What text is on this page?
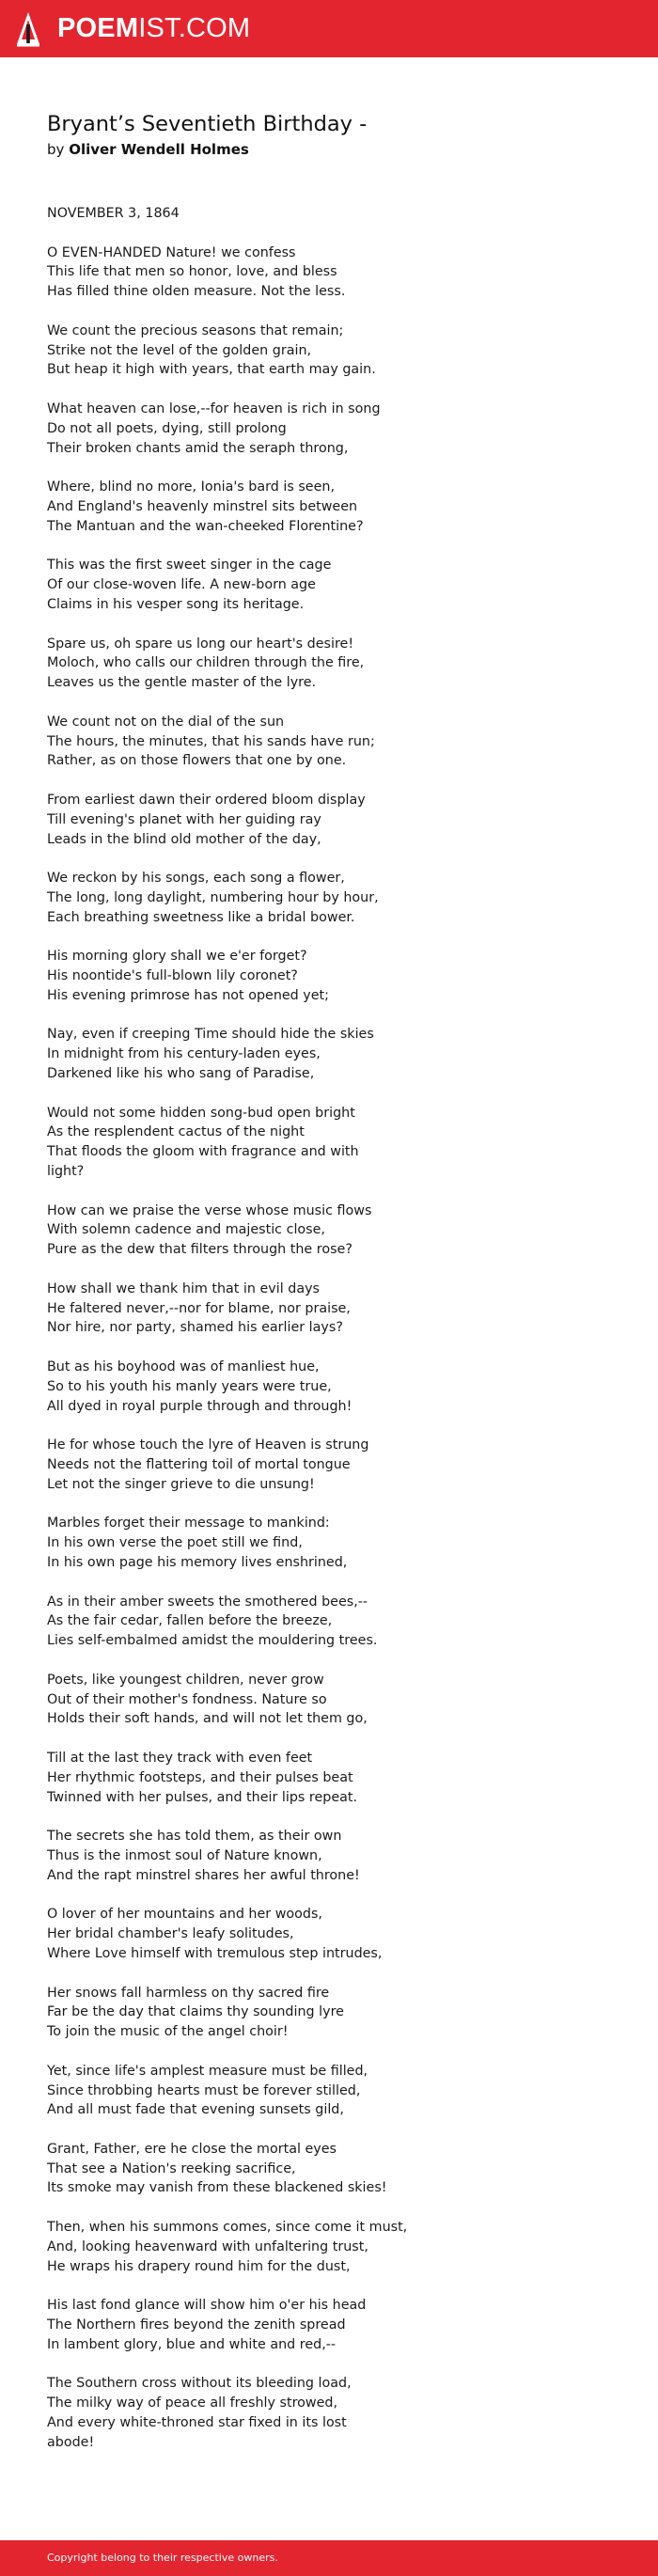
POEMIST.COM
Bryant’s Seventieth Birthday -
by Oliver Wendell Holmes
NOVEMBER 3, 1864
O EVEN-HANDED Nature! we confess
This life that men so honor, love, and bless
Has filled thine olden measure. Not the less.
We count the precious seasons that remain;
Strike not the level of the golden grain,
But heap it high with years, that earth may gain.
What heaven can lose,--for heaven is rich in song
Do not all poets, dying, still prolong
Their broken chants amid the seraph throng,
Where, blind no more, Ionia's bard is seen,
And England's heavenly minstrel sits between
The Mantuan and the wan-cheeked Florentine?
This was the first sweet singer in the cage
Of our close-woven life. A new-born age
Claims in his vesper song its heritage.
Spare us, oh spare us long our heart's desire!
Moloch, who calls our children through the fire,
Leaves us the gentle master of the lyre.
We count not on the dial of the sun
The hours, the minutes, that his sands have run;
Rather, as on those flowers that one by one.
From earliest dawn their ordered bloom display
Till evening's planet with her guiding ray
Leads in the blind old mother of the day,
We reckon by his songs, each song a flower,
The long, long daylight, numbering hour by hour,
Each breathing sweetness like a bridal bower.
His morning glory shall we e'er forget?
His noontide's full-blown lily coronet?
His evening primrose has not opened yet;
Nay, even if creeping Time should hide the skies
In midnight from his century-laden eyes,
Darkened like his who sang of Paradise,
Would not some hidden song-bud open bright
As the resplendent cactus of the night
That floods the gloom with fragrance and with light?
How can we praise the verse whose music flows
With solemn cadence and majestic close,
Pure as the dew that filters through the rose?
How shall we thank him that in evil days
He faltered never,--nor for blame, nor praise,
Nor hire, nor party, shamed his earlier lays?
But as his boyhood was of manliest hue,
So to his youth his manly years were true,
All dyed in royal purple through and through!
He for whose touch the lyre of Heaven is strung
Needs not the flattering toil of mortal tongue
Let not the singer grieve to die unsung!
Marbles forget their message to mankind:
In his own verse the poet still we find,
In his own page his memory lives enshrined,
As in their amber sweets the smothered bees,--
As the fair cedar, fallen before the breeze,
Lies self-embalmed amidst the mouldering trees.
Poets, like youngest children, never grow
Out of their mother's fondness. Nature so
Holds their soft hands, and will not let them go,
Till at the last they track with even feet
Her rhythmic footsteps, and their pulses beat
Twinned with her pulses, and their lips repeat.
The secrets she has told them, as their own
Thus is the inmost soul of Nature known,
And the rapt minstrel shares her awful throne!
O lover of her mountains and her woods,
Her bridal chamber's leafy solitudes,
Where Love himself with tremulous step intrudes,
Her snows fall harmless on thy sacred fire
Far be the day that claims thy sounding lyre
To join the music of the angel choir!
Yet, since life's amplest measure must be filled,
Since throbbing hearts must be forever stilled,
And all must fade that evening sunsets gild,
Grant, Father, ere he close the mortal eyes
That see a Nation's reeking sacrifice,
Its smoke may vanish from these blackened skies!
Then, when his summons comes, since come it must,
And, looking heavenward with unfaltering trust,
He wraps his drapery round him for the dust,
His last fond glance will show him o'er his head
The Northern fires beyond the zenith spread
In lambent glory, blue and white and red,--
The Southern cross without its bleeding load,
The milky way of peace all freshly strowed,
And every white-throned star fixed in its lost abode!
Copyright belong to their respective owners.
